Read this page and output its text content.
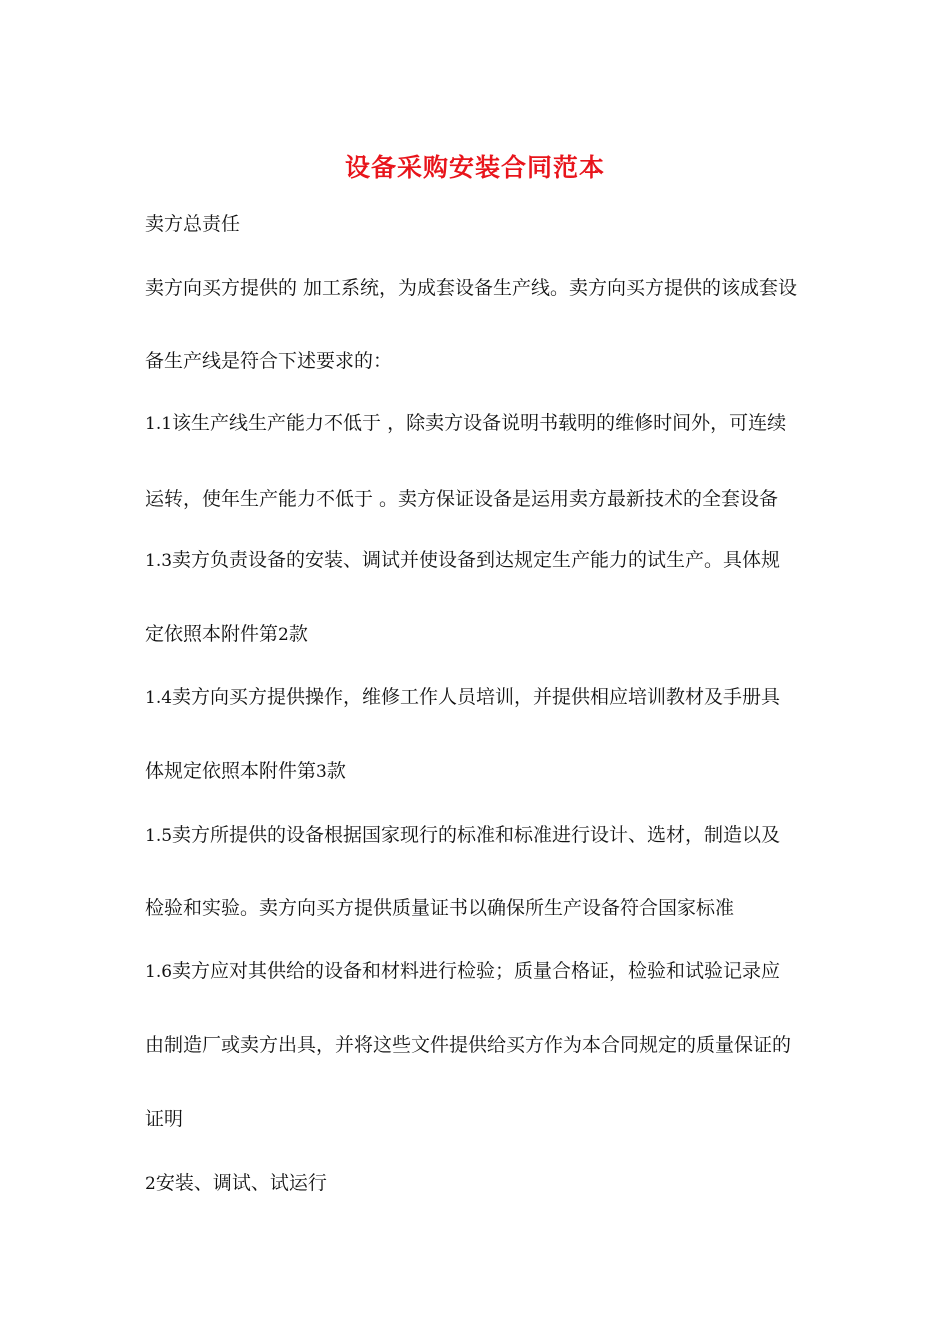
设备采购安装合同范本
卖方总责任
卖方向买方提供的 加工系统，为成套设备生产线。卖方向买方提供的该成套设
备生产线是符合下述要求的：
1.1该生产线生产能力不低于 ，除卖方设备说明书载明的维修时间外，可连续
运转，使年生产能力不低于 。卖方保证设备是运用卖方最新技术的全套设备
1.3卖方负责设备的安装、调试并使设备到达规定生产能力的试生产。具体规
定依照本附件第2款
1.4卖方向买方提供操作，维修工作人员培训，并提供相应培训教材及手册具
体规定依照本附件第3款
1.5卖方所提供的设备根据国家现行的标准和标准进行设计、选材，制造以及
检验和实验。卖方向买方提供质量证书以确保所生产设备符合国家标准
1.6卖方应对其供给的设备和材料进行检验；质量合格证，检验和试验记录应
由制造厂或卖方出具，并将这些文件提供给买方作为本合同规定的质量保证的
证明
2安装、调试、试运行
